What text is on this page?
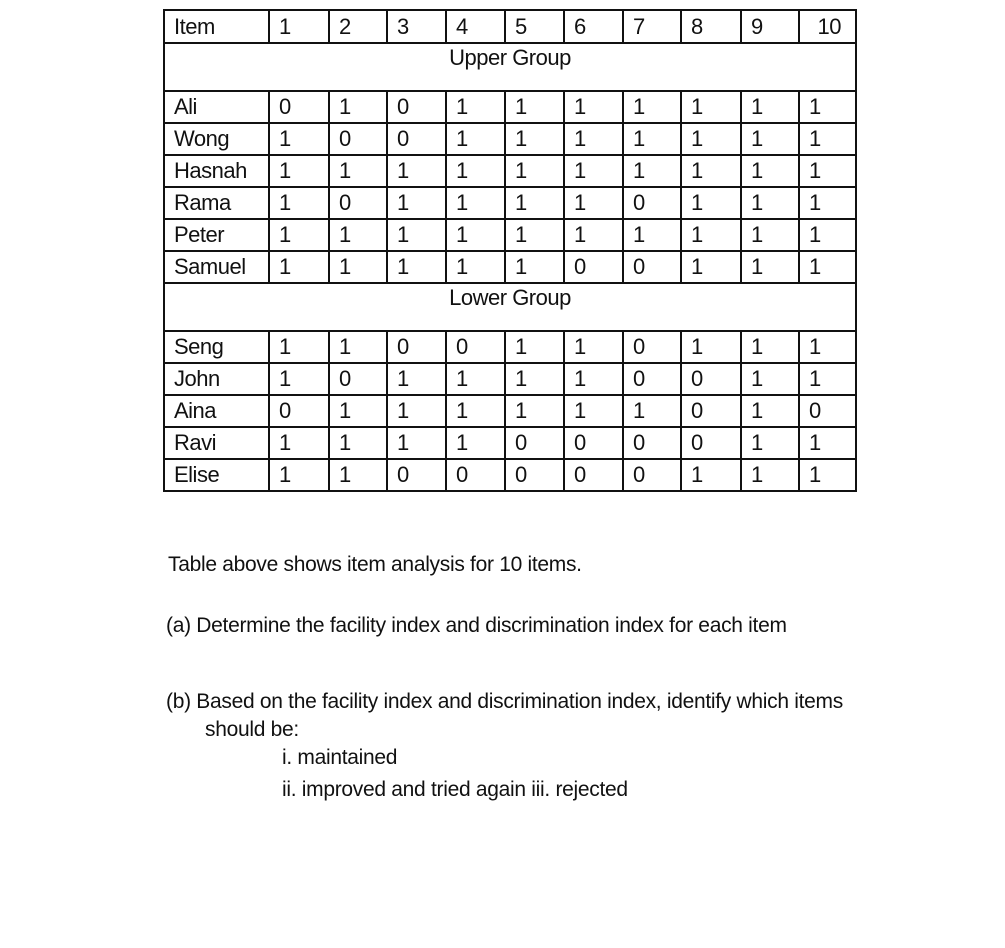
Item	1	2	3	4	5	6	7	8	9	10
Upper Group										
Ali	0	1	0	1	1	1	1	1	1	1
Wong	1	0	0	1	1	1	1	1	1	1
Hasnah	1	1	1	1	1	1	1	1	1	1
Rama	1	0	1	1	1	1	0	1	1	1
Peter	1	1	1	1	1	1	1	1	1	1
Samuel	1	1	1	1	1	0	0	1	1	1
Lower Group										
Seng	1	1	0	0	1	1	0	1	1	1
John	1	0	1	1	1	1	0	0	1	1
Aina	0	1	1	1	1	1	1	0	1	0
Ravi	1	1	1	1	0	0	0	0	1	1
Elise	1	1	0	0	0	0	0	1	1	1
Table above shows item analysis for 10 items.
(a) Determine the facility index and discrimination index for each item
(b) Based on the facility index and discrimination index, identify which items
should be:
i. maintained
ii. improved and tried again iii. rejected
